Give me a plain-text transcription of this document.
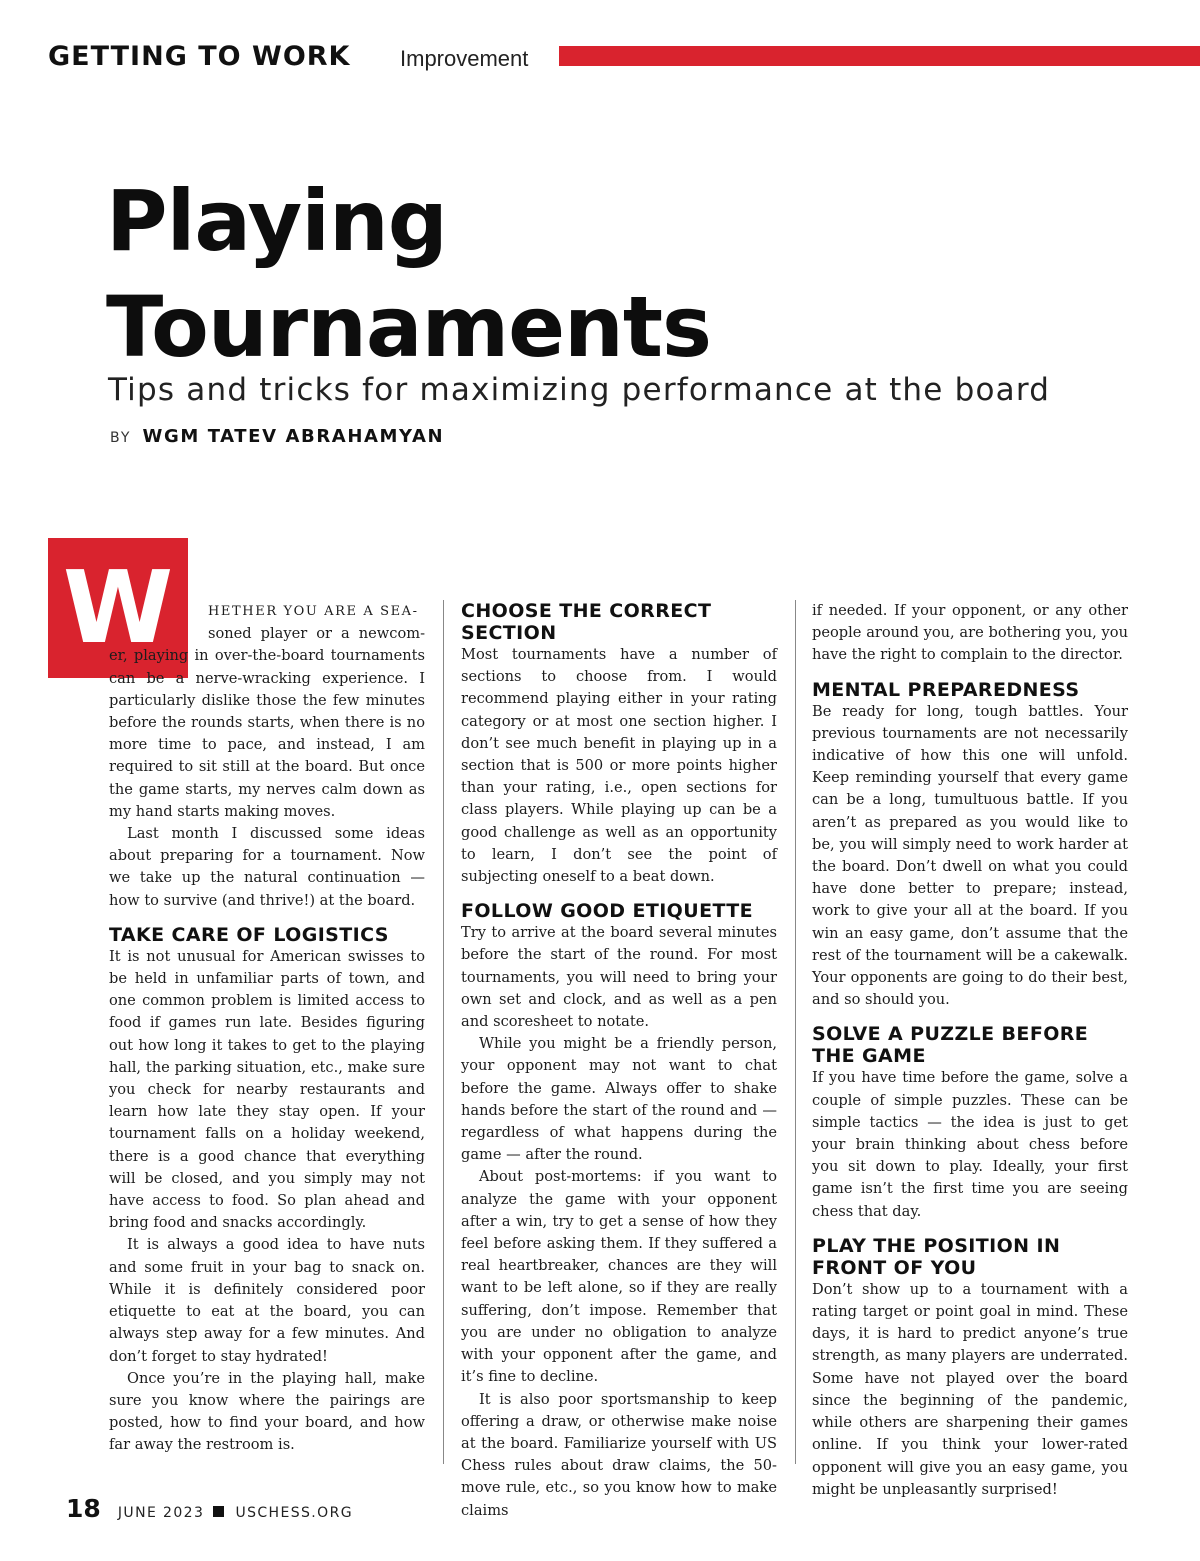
GETTING TO WORK Improvement
Playing
Tournaments

Tips and tricks for maximizing performance at the board

BY WGM TATEV ABRAHAMYAN
W	HETHER YOU ARE A SEA-

soned player or a newcom-er, playing in over-the-board tournaments can be a nerve-wracking experience. I particularly dislike those the few minutes before the rounds starts, when there is no more time to pace, and instead, I am required to sit still at the board. But once the game starts, my nerves calm down as my hand starts making moves.

Last month I discussed some ideas about preparing for a tournament. Now we take up the natural continuation — how to survive (and thrive!) at the board.

TAKE CARE OF LOGISTICS

It is not unusual for American swisses to be held in unfamiliar parts of town, and one common problem is limited access to food if games run late. Besides figuring out how long it takes to get to the playing hall, the parking situation, etc., make sure you check for nearby restaurants and learn how late they stay open. If your tournament falls on a holiday weekend, there is a good chance that everything will be closed, and you simply may not have access to food. So plan ahead and bring food and snacks accordingly.

It is always a good idea to have nuts and some fruit in your bag to snack on. While it is definitely considered poor etiquette to eat at the board, you can always step away for a few minutes. And don’t forget to stay hydrated!

Once you’re in the playing hall, make sure you know where the pairings are posted, how to find your board, and how far away the restroom is.

CHOOSE THE CORRECT SECTION

Most tournaments have a number of sections to choose from. I would recommend playing either in your rating category or at most one section higher. I don’t see much benefit in playing up in a section that is 500 or more points higher than your rating, i.e., open sections for class players. While playing up can be a good challenge as well as an opportunity to learn, I don’t see the point of subjecting oneself to a beat down.

FOLLOW GOOD ETIQUETTE

Try to arrive at the board several minutes before the start of the round. For most tournaments, you will need to bring your own set and clock, and as well as a pen and scoresheet to notate.

While you might be a friendly person, your opponent may not want to chat before the game. Always offer to shake hands before the start of the round and — regardless of what happens during the game — after the round.

About post-mortems: if you want to analyze the game with your opponent after a win, try to get a sense of how they feel before asking them. If they suffered a real heartbreaker, chances are they will want to be left alone, so if they are really suffering, don’t impose. Remember that you are under no obligation to analyze with your opponent after the game, and it’s fine to decline.

It is also poor sportsmanship to keep offering a draw, or otherwise make noise at the board. Familiarize yourself with US Chess rules about draw claims, the 50-move rule, etc., so you know how to make claims

if needed. If your opponent, or any other people around you, are bothering you, you have the right to complain to the director.

MENTAL PREPAREDNESS

Be ready for long, tough battles. Your previous tournaments are not necessarily indicative of how this one will unfold. Keep reminding yourself that every game can be a long, tumultuous battle. If you aren’t as prepared as you would like to be, you will simply need to work harder at the board. Don’t dwell on what you could have done better to prepare; instead, work to give your all at the board. If you win an easy game, don’t assume that the rest of the tournament will be a cakewalk. Your opponents are going to do their best, and so should you.

SOLVE A PUZZLE BEFORE THE GAME

If you have time before the game, solve a couple of simple puzzles. These can be simple tactics — the idea is just to get your brain thinking about chess before you sit down to play. Ideally, your first game isn’t the first time you are seeing chess that day.

PLAY THE POSITION IN FRONT OF YOU

Don’t show up to a tournament with a rating target or point goal in mind. These days, it is hard to predict anyone’s true strength, as many players are underrated. Some have not played over the board since the beginning of the pandemic, while others are sharpening their games online. If you think your lower-rated opponent will give you an easy game, you might be unpleasantly surprised!

18 JUNE 2023 USCHESS.ORG
